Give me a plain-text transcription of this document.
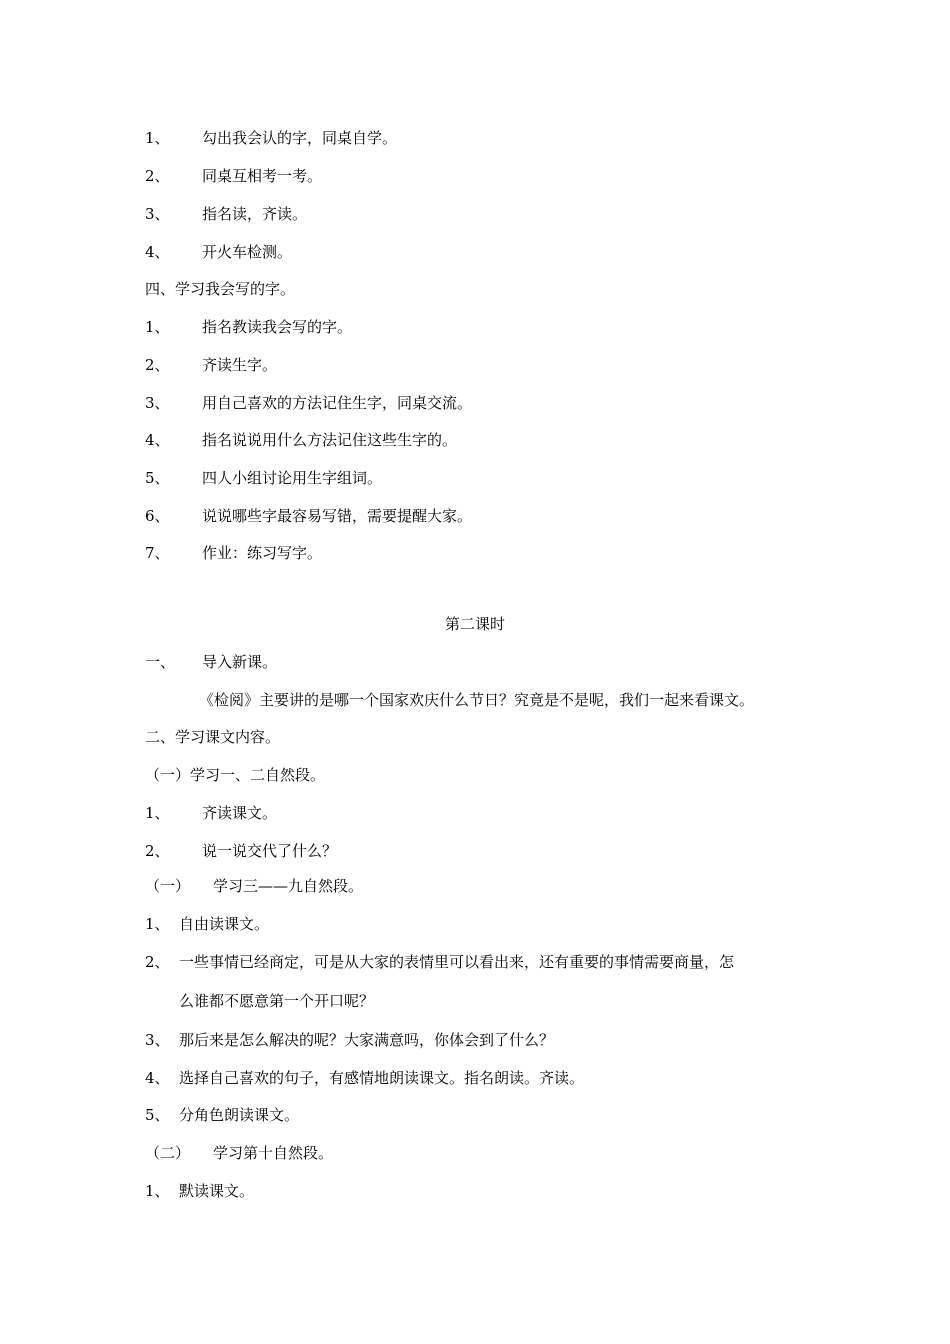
1、 勾出我会认的字，同桌自学。
2、 同桌互相考一考。
3、 指名读，齐读。
4、 开火车检测。
四、学习我会写的字。
1、 指名教读我会写的字。
2、 齐读生字。
3、 用自己喜欢的方法记住生字，同桌交流。
4、 指名说说用什么方法记住这些生字的。
5、 四人小组讨论用生字组词。
6、 说说哪些字最容易写错，需要提醒大家。
7、 作业：练习写字。
第二课时
一、 导入新课。
《检阅》主要讲的是哪一个国家欢庆什么节日？究竟是不是呢，我们一起来看课文。
二、学习课文内容。
（一）学习一、二自然段。
1、 齐读课文。
2、 说一说交代了什么？
（一） 学习三——九自然段。
1、 自由读课文。
2、 一些事情已经商定，可是从大家的表情里可以看出来，还有重要的事情需要商量，怎
么谁都不愿意第一个开口呢？
3、 那后来是怎么解决的呢？大家满意吗，你体会到了什么？
4、 选择自己喜欢的句子，有感情地朗读课文。指名朗读。齐读。
5、 分角色朗读课文。
（二） 学习第十自然段。
1、 默读课文。
